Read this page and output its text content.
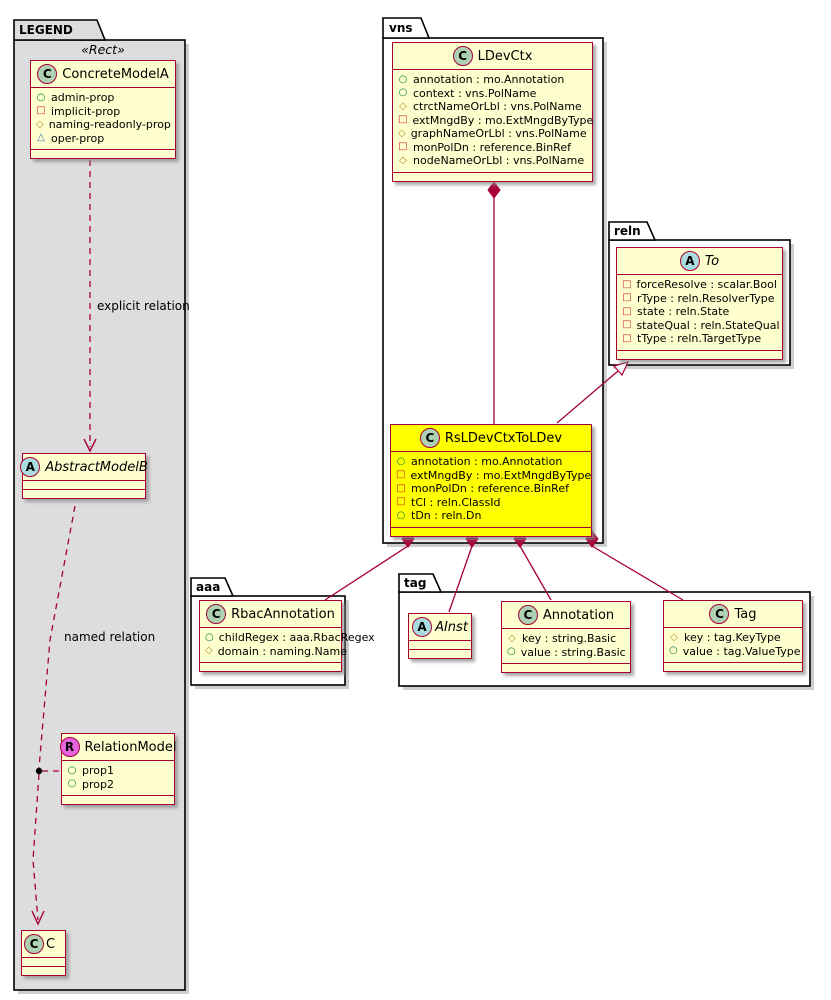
LEGEND	vns
reln
aaa	tag
«Rect»
explicit relation
named relation
C ConcreteModelA
○ admin-prop
□ implicit-prop
◇ naming-readonly-prop
△ oper-prop
A AbstractModelB
R RelationModel
○ prop1
○ prop2
C C
C LDevCtx
○ annotation : mo.Annotation
○ context : vns.PolName
◇ ctrctNameOrLbl : vns.PolName
□ extMngdBy : mo.ExtMngdByType
◇ graphNameOrLbl : vns.PolName
□ monPolDn : reference.BinRef
◇ nodeNameOrLbl : vns.PolName
C RsLDevCtxToLDev
○ annotation : mo.Annotation
□ extMngdBy : mo.ExtMngdByType
□ monPolDn : reference.BinRef
□ tCl : reln.ClassId
○ tDn : reln.Dn
A To
□ forceResolve : scalar.Bool
□ rType : reln.ResolverType
□ state : reln.State
□ stateQual : reln.StateQual
□ tType : reln.TargetType
C RbacAnnotation
○ childRegex : aaa.RbacRegex
◇ domain : naming.Name
A AInst
C Annotation
◇ key : string.Basic
○ value : string.Basic
C Tag
◇ key : tag.KeyType
○ value : tag.ValueType
